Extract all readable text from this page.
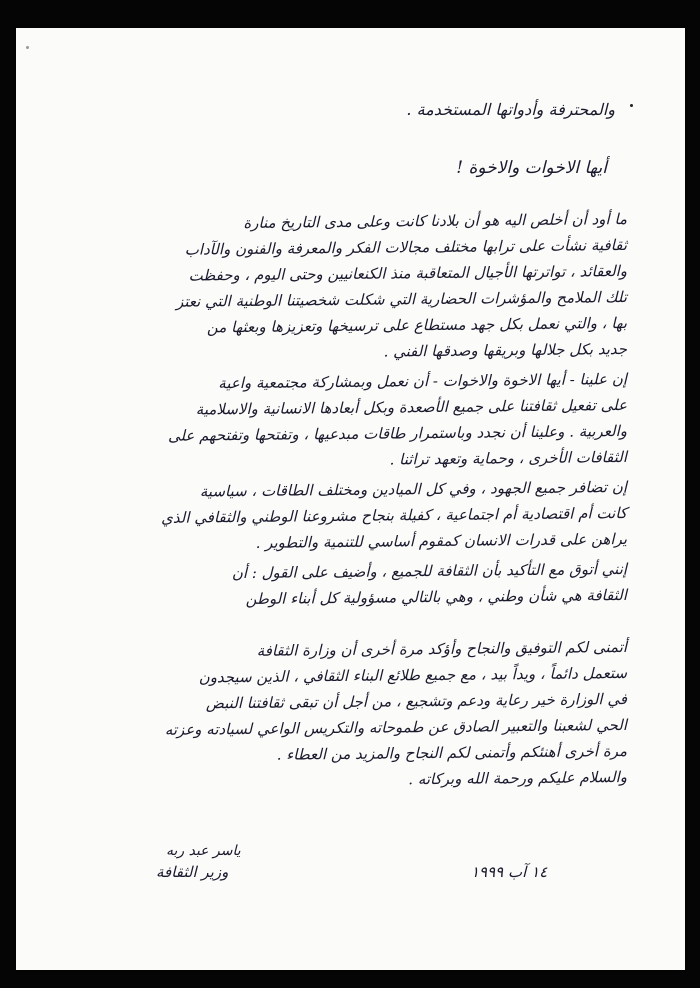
والمحترفة وأدواتها المستخدمة .
أيها الاخوات والاخوة !
ما أود أن أخلص اليه هو أن بلادنا كانت وعلى مدى التاريخ منارة
ثقافية نشأت على ترابها مختلف مجالات الفكر والمعرفة والفنون والآداب
والعقائد ، تواترتها الأجيال المتعاقبة منذ الكنعانيين وحتى اليوم ، وحفظت
تلك الملامح والمؤشرات الحضارية التي شكلت شخصيتنا الوطنية التي نعتز
بها ، والتي نعمل بكل جهد مستطاع على ترسيخها وتعزيزها وبعثها من
جديد بكل جلالها وبريقها وصدقها الفني .
إن علينا - أيها الاخوة والاخوات - أن نعمل وبمشاركة مجتمعية واعية
على تفعيل ثقافتنا على جميع الأصعدة وبكل أبعادها الانسانية والاسلامية
والعربية . وعلينا أن نجدد وباستمرار طاقات مبدعيها ، وتفتحها وتفتحهم على
الثقافات الأخرى ، وحماية وتعهد تراثنا .
إن تضافر جميع الجهود ، وفي كل الميادين ومختلف الطاقات ، سياسية
كانت أم اقتصادية أم اجتماعية ، كفيلة بنجاح مشروعنا الوطني والثقافي الذي
يراهن على قدرات الانسان كمقوم أساسي للتنمية والتطوير .
إنني أتوق مع التأكيد بأن الثقافة للجميع ، وأضيف على القول : أن
الثقافة هي شأن وطني ، وهي بالتالي مسؤولية كل أبناء الوطن
أتمنى لكم التوفيق والنجاح وأؤكد مرة أخرى أن وزارة الثقافة
ستعمل دائماً ، ويداً بيد ، مع جميع طلائع البناء الثقافي ، الذين سيجدون
في الوزارة خير رعاية ودعم وتشجيع ، من أجل أن تبقى ثقافتنا النبض
الحي لشعبنا والتعبير الصادق عن طموحاته والتكريس الواعي لسيادته وعزته
مرة أخرى أهنئكم وأتمنى لكم النجاح والمزيد من العطاء .
والسلام عليكم ورحمة الله وبركاته .
ياسر عبد ربه
وزير الثقافة	١٤ آب ١٩٩٩
